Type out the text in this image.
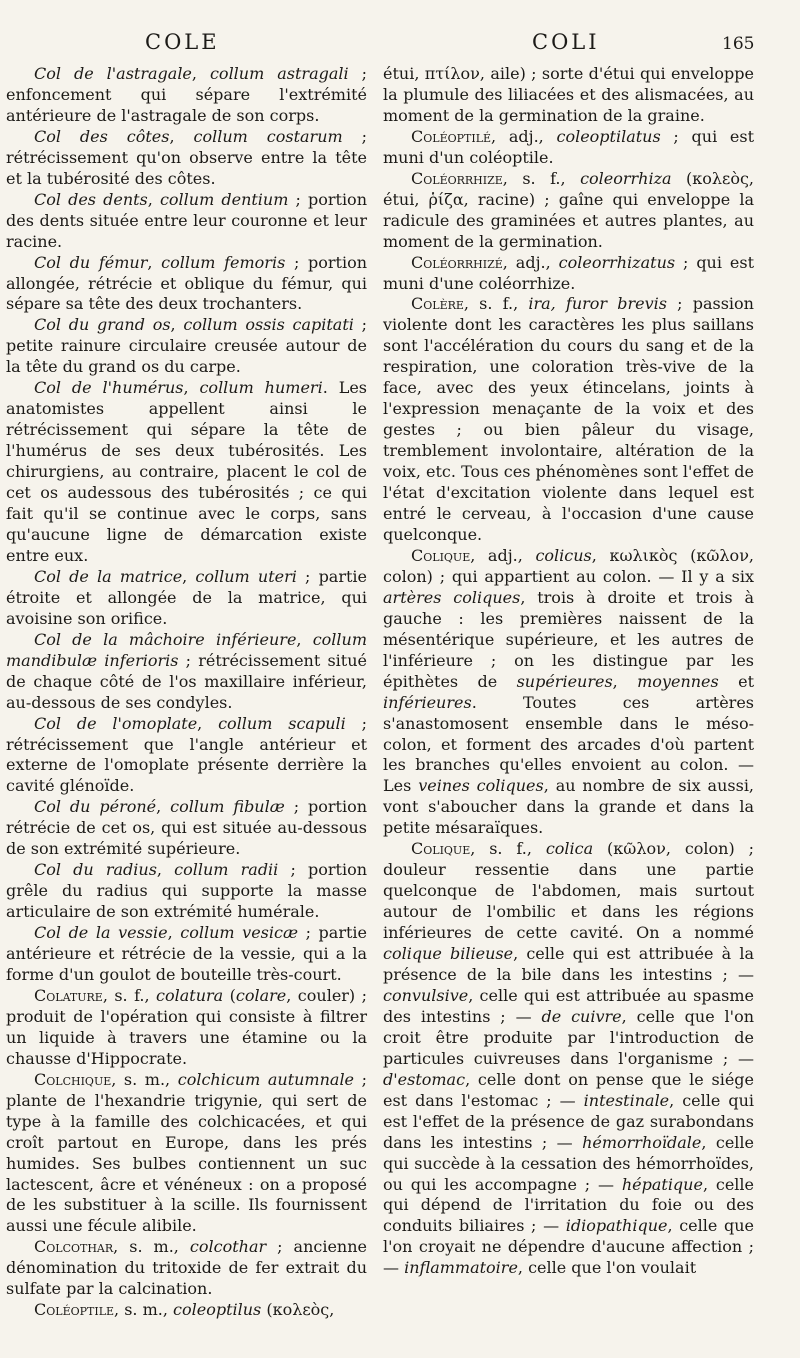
COLE	COLI	165

Col de l'astragale, collum astragali ; enfoncement qui sépare l'extrémité antérieure de l'astragale de son corps.

Col des côtes, collum costarum ; rétrécissement qu'on observe entre la tête et la tubérosité des côtes.

Col des dents, collum dentium ; portion des dents située entre leur couronne et leur racine.

Col du fémur, collum femoris ; portion allongée, rétrécie et oblique du fémur, qui sépare sa tête des deux trochanters.

Col du grand os, collum ossis capitati ; petite rainure circulaire creusée autour de la tête du grand os du carpe.

Col de l'humérus, collum humeri. Les anatomistes appellent ainsi le rétrécissement qui sépare la tête de l'humérus de ses deux tubérosités. Les chirurgiens, au contraire, placent le col de cet os audessous des tubérosités ; ce qui fait qu'il se continue avec le corps, sans qu'aucune ligne de démarcation existe entre eux.

Col de la matrice, collum uteri ; partie étroite et allongée de la matrice, qui avoisine son orifice.

Col de la mâchoire inférieure, collum mandibulæ inferioris ; rétrécissement situé de chaque côté de l'os maxillaire inférieur, au-dessous de ses condyles.

Col de l'omoplate, collum scapuli ; rétrécissement que l'angle antérieur et externe de l'omoplate présente derrière la cavité glénoïde.

Col du péroné, collum fibulæ ; portion rétrécie de cet os, qui est située au-dessous de son extrémité supérieure.

Col du radius, collum radii ; portion grêle du radius qui supporte la masse articulaire de son extrémité humérale.

Col de la vessie, collum vesicæ ; partie antérieure et rétrécie de la vessie, qui a la forme d'un goulot de bouteille très-court.

Colature, s. f., colatura (colare, couler) ; produit de l'opération qui consiste à filtrer un liquide à travers une étamine ou la chausse d'Hippocrate.

Colchique, s. m., colchicum autumnale ; plante de l'hexandrie trigynie, qui sert de type à la famille des colchicacées, et qui croît partout en Europe, dans les prés humides. Ses bulbes contiennent un suc lactescent, âcre et vénéneux : on a proposé de les substituer à la scille. Ils fournissent aussi une fécule alibile.

Colcothar, s. m., colcothar ; ancienne dénomination du tritoxide de fer extrait du sulfate par la calcination.

Coléoptile, s. m., coleoptilus (κολεὸς,

étui, πτίλον, aile) ; sorte d'étui qui enveloppe la plumule des liliacées et des alismacées, au moment de la germination de la graine.

Coléoptilé, adj., coleoptilatus ; qui est muni d'un coléoptile.

Coléorrhize, s. f., coleorrhiza (κολεὸς, étui, ῥίζα, racine) ; gaîne qui enveloppe la radicule des graminées et autres plantes, au moment de la germination.

Coléorrhizé, adj., coleorrhizatus ; qui est muni d'une coléorrhize.

Colère, s. f., ira, furor brevis ; passion violente dont les caractères les plus saillans sont l'accélération du cours du sang et de la respiration, une coloration très-vive de la face, avec des yeux étincelans, joints à l'expression menaçante de la voix et des gestes ; ou bien pâleur du visage, tremblement involontaire, altération de la voix, etc. Tous ces phénomènes sont l'effet de l'état d'excitation violente dans lequel est entré le cerveau, à l'occasion d'une cause quelconque.

Colique, adj., colicus, κωλικὸς (κῶλον, colon) ; qui appartient au colon. — Il y a six artères coliques, trois à droite et trois à gauche : les premières naissent de la mésentérique supérieure, et les autres de l'inférieure ; on les distingue par les épithètes de supérieures, moyennes et inférieures. Toutes ces artères s'anastomosent ensemble dans le méso-colon, et forment des arcades d'où partent les branches qu'elles envoient au colon. — Les veines coliques, au nombre de six aussi, vont s'aboucher dans la grande et dans la petite mésaraïques.

Colique, s. f., colica (κῶλον, colon) ; douleur ressentie dans une partie quelconque de l'abdomen, mais surtout autour de l'ombilic et dans les régions inférieures de cette cavité. On a nommé colique bilieuse, celle qui est attribuée à la présence de la bile dans les intestins ; — convulsive, celle qui est attribuée au spasme des intestins ; — de cuivre, celle que l'on croit être produite par l'introduction de particules cuivreuses dans l'organisme ; — d'estomac, celle dont on pense que le siége est dans l'estomac ; — intestinale, celle qui est l'effet de la présence de gaz surabondans dans les intestins ; — hémorrhoïdale, celle qui succède à la cessation des hémorrhoïdes, ou qui les accompagne ; — hépatique, celle qui dépend de l'irritation du foie ou des conduits biliaires ; — idiopathique, celle que l'on croyait ne dépendre d'aucune affection ; — inflammatoire, celle que l'on voulait
